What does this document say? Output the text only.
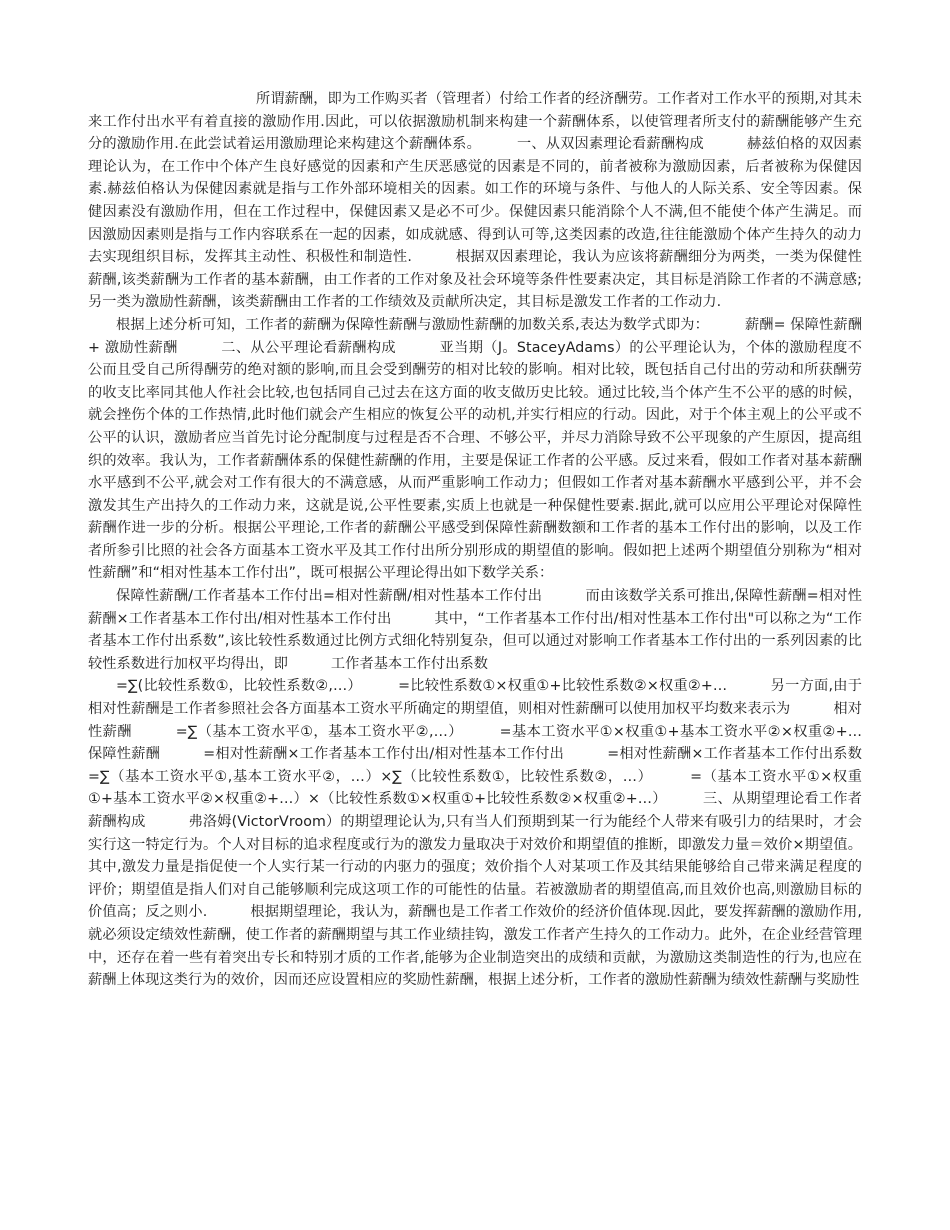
所谓薪酬，即为工作购买者（管理者）付给工作者的经济酬劳。工作者对工作水平的预期,对其未来工作付出水平有着直接的激励作用.因此，可以依据激励机制来构建一个薪酬体系，以使管理者所支付的薪酬能够产生充分的激励作用.在此尝试着运用激励理论来构建这个薪酬体系。　　　一、从双因素理论看薪酬构成　　　赫兹伯格的双因素理论认为，在工作中个体产生良好感觉的因素和产生厌恶感觉的因素是不同的，前者被称为激励因素，后者被称为保健因素.赫兹伯格认为保健因素就是指与工作外部环境相关的因素。如工作的环境与条件、与他人的人际关系、安全等因素。保健因素没有激励作用，但在工作过程中，保健因素又是必不可少。保健因素只能消除个人不满,但不能使个体产生满足。而因激励因素则是指与工作内容联系在一起的因素，如成就感、得到认可等,这类因素的改造,往往能激励个体产生持久的动力去实现组织目标，发挥其主动性、积极性和制造性.　　　根据双因素理论，我认为应该将薪酬细分为两类，一类为保健性薪酬,该类薪酬为工作者的基本薪酬，由工作者的工作对象及社会环境等条件性要素决定，其目标是消除工作者的不满意感;另一类为激励性薪酬，该类薪酬由工作者的工作绩效及贡献所决定，其目标是激发工作者的工作动力.

根据上述分析可知，工作者的薪酬为保障性薪酬与激励性薪酬的加数关系,表达为数学式即为：　　　薪酬= 保障性薪酬 + 激励性薪酬　　　二、从公平理论看薪酬构成　　　亚当期（J。StaceyAdams）的公平理论认为，个体的激励程度不公而且受自己所得酬劳的绝对额的影响,而且会受到酬劳的相对比较的影响。相对比较，既包括自己付出的劳动和所获酬劳的收支比率同其他人作社会比较,也包括同自己过去在这方面的收支做历史比较。通过比较,当个体产生不公平的感的时候，就会挫伤个体的工作热情,此时他们就会产生相应的恢复公平的动机,并实行相应的行动。因此，对于个体主观上的公平或不公平的认识，激励者应当首先讨论分配制度与过程是否不合理、不够公平，并尽力消除导致不公平现象的产生原因，提高组织的效率。我认为，工作者薪酬体系的保健性薪酬的作用，主要是保证工作者的公平感。反过来看，假如工作者对基本薪酬水平感到不公平,就会对工作有很大的不满意感，从而严重影响工作动力；但假如工作者对基本薪酬水平感到公平，并不会激发其生产出持久的工作动力来，这就是说,公平性要素,实质上也就是一种保健性要素.据此,就可以应用公平理论对保障性薪酬作进一步的分析。根据公平理论,工作者的薪酬公平感受到保障性薪酬数额和工作者的基本工作付出的影响，以及工作者所参引比照的社会各方面基本工资水平及其工作付出所分别形成的期望值的影响。假如把上述两个期望值分别称为“相对性薪酬”和“相对性基本工作付出”，既可根据公平理论得出如下数学关系：

保障性薪酬/工作者基本工作付出=相对性薪酬/相对性基本工作付出　　　而由该数学关系可推出,保障性薪酬=相对性薪酬×工作者基本工作付出/相对性基本工作付出　　　其中，“工作者基本工作付出/相对性基本工作付出"可以称之为“工作者基本工作付出系数”,该比较性系数通过比例方式细化特别复杂，但可以通过对影响工作者基本工作付出的一系列因素的比较性系数进行加权平均得出，即　　　工作者基本工作付出系数

=∑(比较性系数①，比较性系数②,…）　　　=比较性系数①×权重①+比较性系数②×权重②+…　　　另一方面,由于相对性薪酬是工作者参照社会各方面基本工资水平所确定的期望值，则相对性薪酬可以使用加权平均数来表示为　　　相对性薪酬　　　=∑（基本工资水平①，基本工资水平②,…）　　　=基本工资水平①×权重①+基本工资水平②×权重②+…　　　保障性薪酬　　　=相对性薪酬×工作者基本工作付出/相对性基本工作付出　　　=相对性薪酬×工作者基本工作付出系数　　　=∑（基本工资水平①,基本工资水平②，…）×∑（比较性系数①，比较性系数②，…）　　　=（基本工资水平①×权重①+基本工资水平②×权重②+…）×（比较性系数①×权重①+比较性系数②×权重②+…）　　　三、从期望理论看工作者薪酬构成　　　弗洛姆(VictorVroom）的期望理论认为,只有当人们预期到某一行为能经个人带来有吸引力的结果时，才会实行这一特定行为。个人对目标的追求程度或行为的激发力量取决于对效价和期望值的推断，即激发力量＝效价×期望值。其中,激发力量是指促使一个人实行某一行动的内驱力的强度；效价指个人对某项工作及其结果能够给自己带来满足程度的评价；期望值是指人们对自己能够顺利完成这项工作的可能性的估量。若被激励者的期望值高,而且效价也高,则激励目标的价值高；反之则小.　　　根据期望理论，我认为，薪酬也是工作者工作效价的经济价值体现.因此，要发挥薪酬的激励作用,就必须设定绩效性薪酬，使工作者的薪酬期望与其工作业绩挂钩，激发工作者产生持久的工作动力。此外，在企业经营管理中，还存在着一些有着突出专长和特别才质的工作者,能够为企业制造突出的成绩和贡献，为激励这类制造性的行为,也应在薪酬上体现这类行为的效价，因而还应设置相应的奖励性薪酬，根据上述分析，工作者的激励性薪酬为绩效性薪酬与奖励性
